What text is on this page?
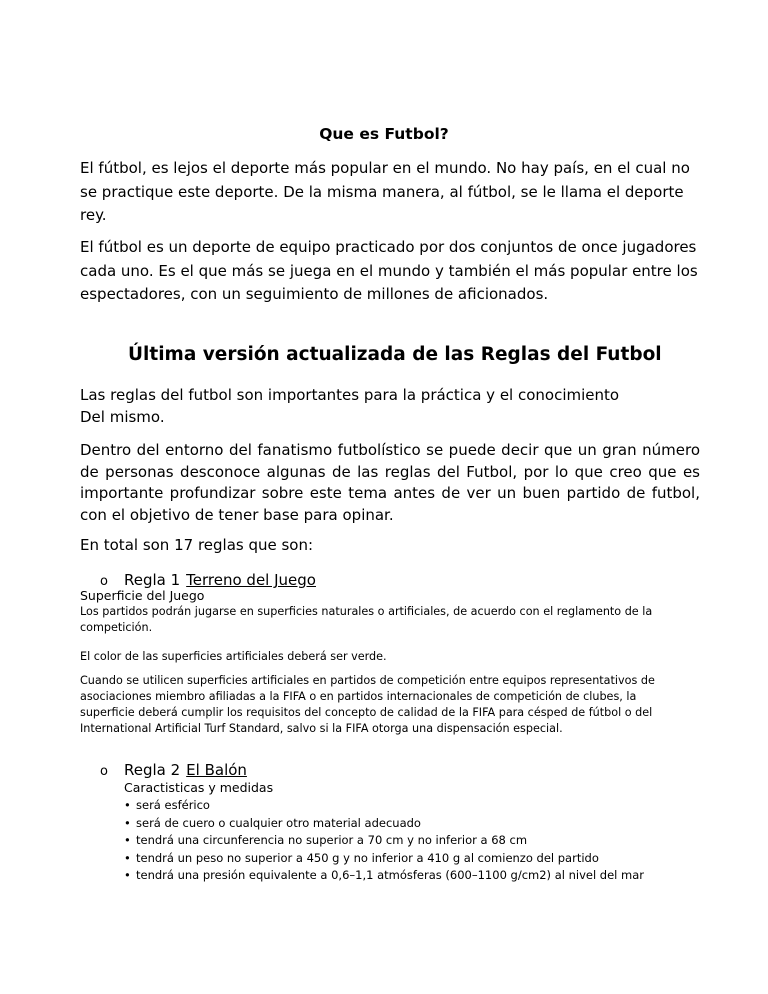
Que es Futbol?

El fútbol, es lejos el deporte más popular en el mundo. No hay país, en el cual no se practique este deporte. De la misma manera, al fútbol, se le llama el deporte rey.

El fútbol es un deporte de equipo practicado por dos conjuntos de once jugadores cada uno. Es el que más se juega en el mundo y también el más popular entre los espectadores, con un seguimiento de millones de aficionados.

Última versión actualizada de las Reglas del Futbol

Las reglas del futbol son importantes para la práctica y el conocimiento Del mismo.

Dentro del entorno del fanatismo futbolístico se puede decir que un gran número de personas desconoce algunas de las reglas del Futbol, por lo que creo que es importante profundizar sobre este tema antes de ver un buen partido de futbol, con el objetivo de tener base para opinar.

En total son 17 reglas que son:

o	Regla 1 Terreno del Juego
Superficie del Juego

Los partidos podrán jugarse en superficies naturales o artificiales, de acuerdo con el reglamento de la competición.

El color de las superficies artificiales deberá ser verde.

Cuando se utilicen superficies artificiales en partidos de competición entre equipos representativos de asociaciones miembro afiliadas a la FIFA o en partidos internacionales de competición de clubes, la superficie deberá cumplir los requisitos del concepto de calidad de la FIFA para césped de fútbol o del International Artificial Turf Standard, salvo si la FIFA otorga una dispensación especial.

o	Regla 2 El Balón
Caractisticas y medidas
• será esférico
• será de cuero o cualquier otro material adecuado
• tendrá una circunferencia no superior a 70 cm y no inferior a 68 cm
• tendrá un peso no superior a 450 g y no inferior a 410 g al comienzo del partido
• tendrá una presión equivalente a 0,6–1,1 atmósferas (600–1100 g/cm2) al nivel del mar
